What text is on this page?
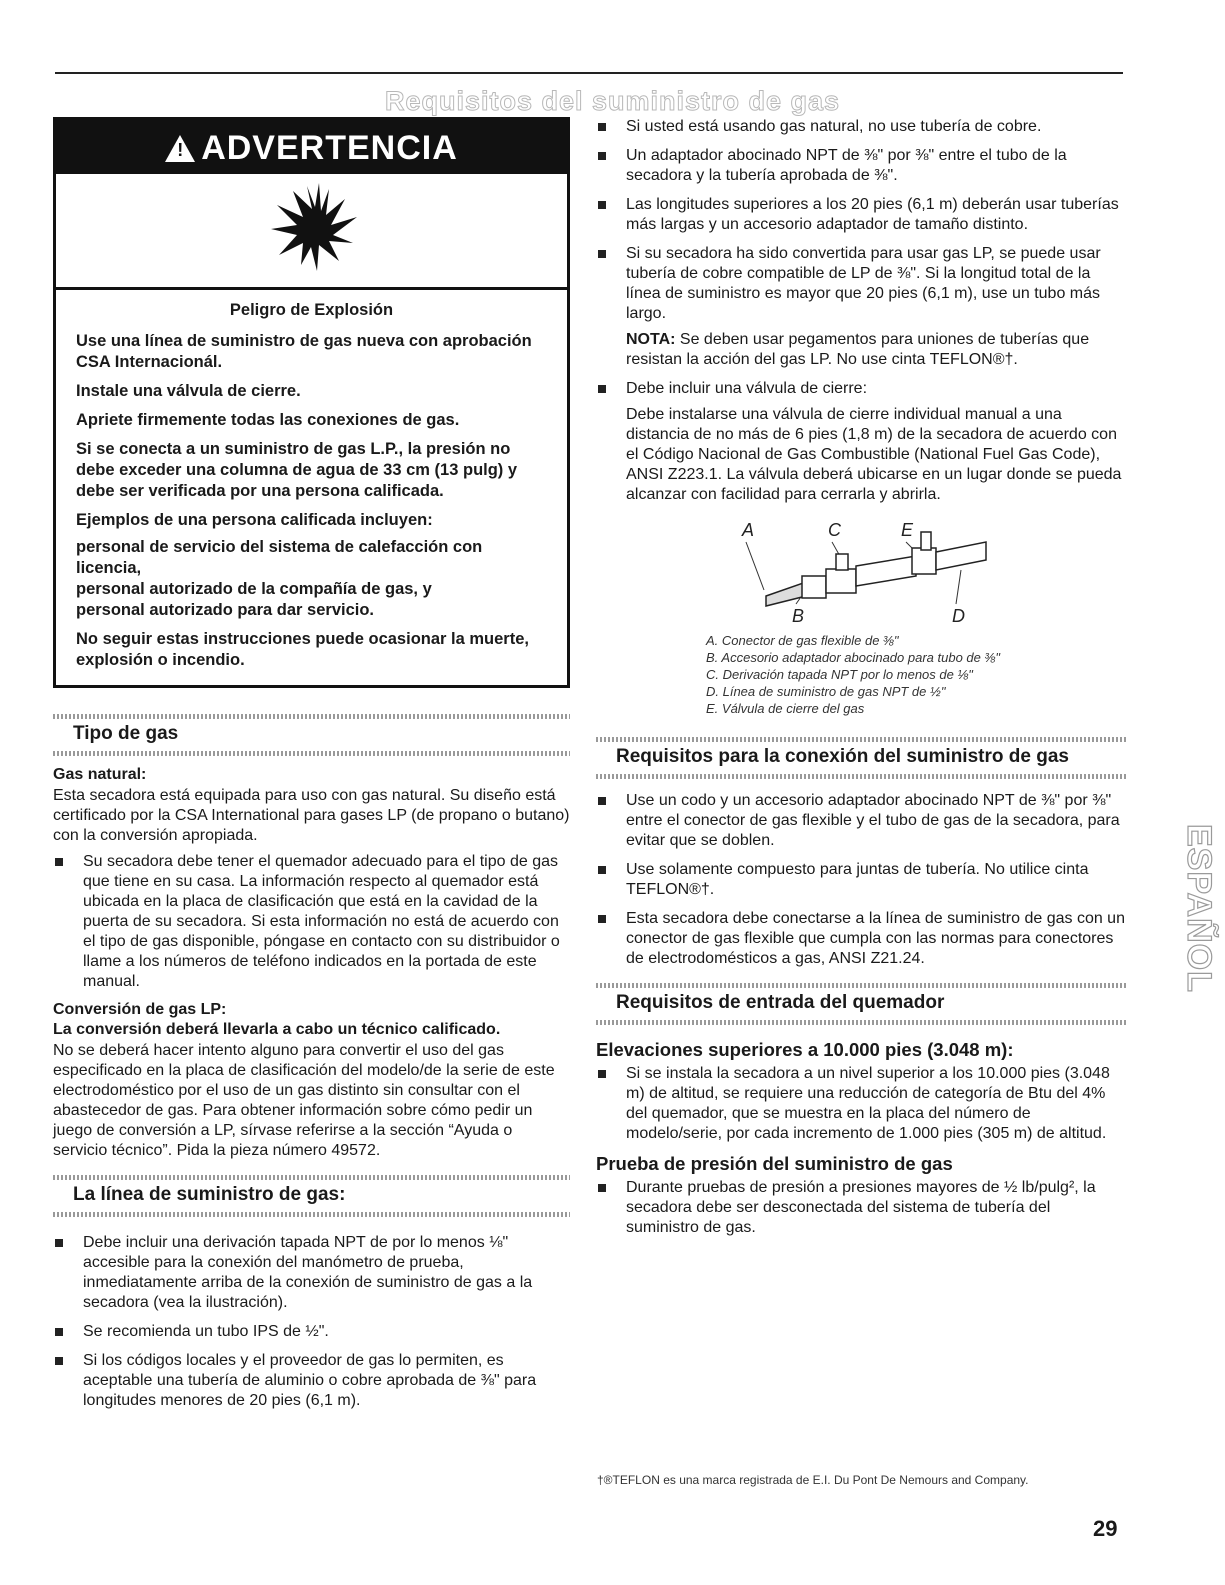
Requisitos del suministro de gas
! ADVERTENCIA

Peligro de Explosión

Use una línea de suministro de gas nueva con aprobación CSA Internacionál.

Instale una válvula de cierre.

Apriete firmemente todas las conexiones de gas.

Si se conecta a un suministro de gas L.P., la presión no debe exceder una columna de agua de 33 cm (13 pulg) y debe ser verificada por una persona calificada.

Ejemplos de una persona calificada incluyen:

personal de servicio del sistema de calefacción con licencia,
personal autorizado de la compañía de gas, y
personal autorizado para dar servicio.

No seguir estas instrucciones puede ocasionar la muerte, explosión o incendio.

Tipo de gas
Gas natural:

Esta secadora está equipada para uso con gas natural. Su diseño está certificado por la CSA International para gases LP (de propano o butano) con la conversión apropiada.

Su secadora debe tener el quemador adecuado para el tipo de gas que tiene en su casa. La información respecto al quemador está ubicada en la placa de clasificación que está en la cavidad de la puerta de su secadora. Si esta información no está de acuerdo con el tipo de gas disponible, póngase en contacto con su distribuidor o llame a los números de teléfono indicados en la portada de este manual.
Conversión de gas LP:
La conversión deberá llevarla a cabo un técnico calificado.

No se deberá hacer intento alguno para convertir el uso del gas especificado en la placa de clasificación del modelo/de la serie de este electrodoméstico por el uso de un gas distinto sin consultar con el abastecedor de gas. Para obtener información sobre cómo pedir un juego de conversión a LP, sírvase referirse a la sección “Ayuda o servicio técnico”. Pida la pieza número 49572.

La línea de suministro de gas:
Debe incluir una derivación tapada NPT de por lo menos ⅛" accesible para la conexión del manómetro de prueba, inmediatamente arriba de la conexión de suministro de gas a la secadora (vea la ilustración).
Se recomienda un tubo IPS de ½".
Si los códigos locales y el proveedor de gas lo permiten, es aceptable una tubería de aluminio o cobre aprobada de ⅜" para longitudes menores de 20 pies (6,1 m).
Si usted está usando gas natural, no use tubería de cobre.
Un adaptador abocinado NPT de ⅜" por ⅜" entre el tubo de la secadora y la tubería aprobada de ⅜".
Las longitudes superiores a los 20 pies (6,1 m) deberán usar tuberías más largas y un accesorio adaptador de tamaño distinto.
Si su secadora ha sido convertida para usar gas LP, se puede usar tubería de cobre compatible de LP de ⅜". Si la longitud total de la línea de suministro es mayor que 20 pies (6,1 m), use un tubo más largo.

NOTA: Se deben usar pegamentos para uniones de tuberías que resistan la acción del gas LP. No use cinta TEFLON®†.

Debe incluir una válvula de cierre:

Debe instalarse una válvula de cierre individual manual a una distancia de no más de 6 pies (1,8 m) de la secadora de acuerdo con el Código Nacional de Gas Combustible (National Fuel Gas Code), ANSI Z223.1. La válvula deberá ubicarse en un lugar donde se pueda alcanzar con facilidad para cerrarla y abrirla.

A	C	E
B	D
A. Conector de gas flexible de ⅜"
B. Accesorio adaptador abocinado para tubo de ⅜"
C. Derivación tapada NPT por lo menos de ⅛"
D. Línea de suministro de gas NPT de ½"
E. Válvula de cierre del gas
Requisitos para la conexión del suministro de gas
Use un codo y un accesorio adaptador abocinado NPT de ⅜" por ⅜" entre el conector de gas flexible y el tubo de gas de la secadora, para evitar que se doblen.
Use solamente compuesto para juntas de tubería. No utilice cinta TEFLON®†.
Esta secadora debe conectarse a la línea de suministro de gas con un conector de gas flexible que cumpla con las normas para conectores de electrodomésticos a gas, ANSI Z21.24.
Requisitos de entrada del quemador
Elevaciones superiores a 10.000 pies (3.048 m):
Si se instala la secadora a un nivel superior a los 10.000 pies (3.048 m) de altitud, se requiere una reducción de categoría de Btu del 4% del quemador, que se muestra en la placa del número de modelo/serie, por cada incremento de 1.000 pies (305 m) de altitud.
Prueba de presión del suministro de gas
Durante pruebas de presión a presiones mayores de ½ lb/pulg², la secadora debe ser desconectada del sistema de tubería del suministro de gas.
ESPAÑOL
†®TEFLON es una marca registrada de E.I. Du Pont De Nemours and Company.
29
